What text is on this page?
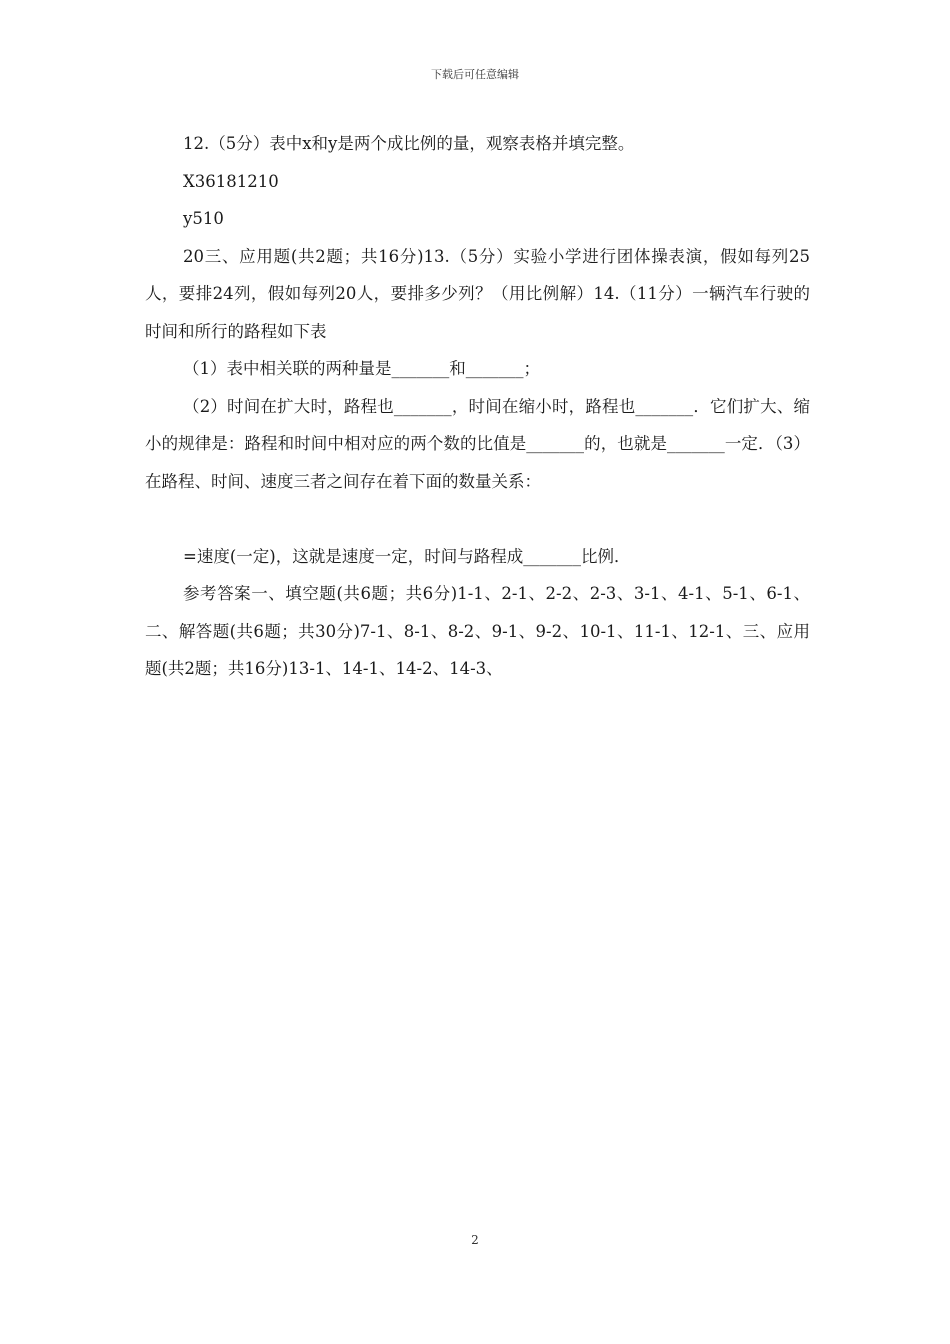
下载后可任意编辑

12.（5分）表中x和y是两个成比例的量，观察表格并填完整。

X36181210

y510

20三、应用题(共2题；共16分)13.（5分）实验小学进行团体操表演，假如每列25人，要排24列，假如每列20人，要排多少列？（用比例解）14.（11分）一辆汽车行驶的时间和所行的路程如下表

（1）表中相关联的两种量是_______和_______；

（2）时间在扩大时，路程也_______，时间在缩小时，路程也_______．它们扩大、缩小的规律是：路程和时间中相对应的两个数的比值是_______的，也就是_______一定．（3）在路程、时间、速度三者之间存在着下面的数量关系：

=速度(一定)，这就是速度一定，时间与路程成_______比例．

参考答案一、填空题(共6题；共6分)1-1、2-1、2-2、2-3、3-1、4-1、5-1、6-1、二、解答题(共6题；共30分)7-1、8-1、8-2、9-1、9-2、10-1、11-1、12-1、三、应用题(共2题；共16分)13-1、14-1、14-2、14-3、

2
